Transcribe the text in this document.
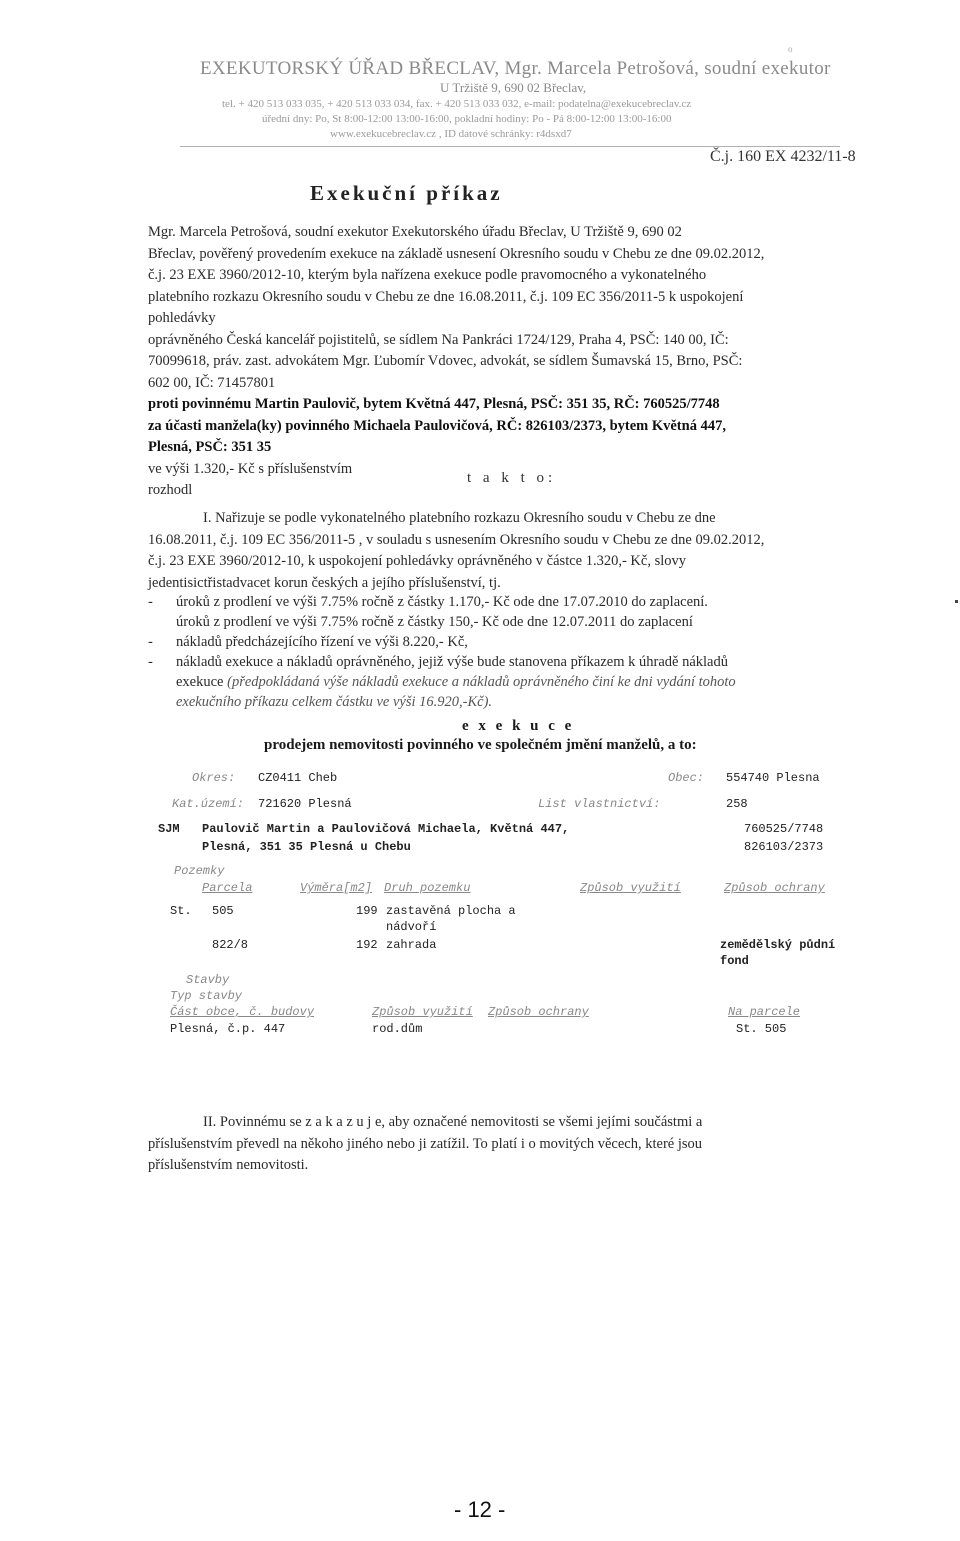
EXEKUTORSKÝ ÚŘAD BŘECLAV, Mgr. Marcela Petrošová, soudní exekutor
U Tržiště 9, 690 02 Břeclav,
tel. + 420 513 033 035, + 420 513 033 034, fax. + 420 513 033 032, e-mail: podatelna@exekucebreclav.cz
úřední dny: Po, St 8:00-12:00 13:00-16:00, pokladní hodiny: Po - Pá 8:00-12:00 13:00-16:00
www.exekucebreclav.cz , ID datové schránky: r4dsxd7
o
Č.j. 160 EX 4232/11-8
Exekuční příkaz

Mgr. Marcela Petrošová, soudní exekutor Exekutorského úřadu Břeclav, U Tržiště 9, 690 02

Břeclav, pověřený provedením exekuce na základě usnesení Okresního soudu v Chebu ze dne 09.02.2012,

č.j. 23 EXE 3960/2012-10, kterým byla nařízena exekuce podle pravomocného a vykonatelného

platebního rozkazu Okresního soudu v Chebu ze dne 16.08.2011, č.j. 109 EC 356/2011-5 k uspokojení

pohledávky

oprávněného Česká kancelář pojistitelů, se sídlem Na Pankráci 1724/129, Praha 4, PSČ: 140 00, IČ:

70099618, práv. zast. advokátem Mgr. Ľubomír Vdovec, advokát, se sídlem Šumavská 15, Brno, PSČ:

602 00, IČ: 71457801

proti povinnému Martin Paulovič, bytem Květná 447, Plesná, PSČ: 351 35, RČ: 760525/7748

za účasti manžela(ky) povinného Michaela Paulovičová, RČ: 826103/2373, bytem Květná 447,

Plesná, PSČ: 351 35

ve výši 1.320,- Kč s příslušenstvím

rozhodl

t a k t o:

I. Nařizuje se podle vykonatelného platebního rozkazu Okresního soudu v Chebu ze dne

16.08.2011, č.j. 109 EC 356/2011-5 , v souladu s usnesením Okresního soudu v Chebu ze dne 09.02.2012,

č.j. 23 EXE 3960/2012-10, k uspokojení pohledávky oprávněného v částce 1.320,- Kč, slovy

jedentisictřistadvacet korun českých a jejího příslušenství, tj.

- úroků z prodlení ve výši 7.75% ročně z částky 1.170,- Kč ode dne 17.07.2010 do zaplacení.
úroků z prodlení ve výši 7.75% ročně z částky 150,- Kč ode dne 12.07.2011 do zaplacení
- nákladů předcházejícího řízení ve výši 8.220,- Kč,
- nákladů exekuce a nákladů oprávněného, jejiž výše bude stanovena příkazem k úhradě nákladů
exekuce (předpokládaná výše nákladů exekuce a nákladů oprávněného činí ke dni vydání tohoto
exekučního příkazu celkem částku ve výši 16.920,-Kč).
e x e k u c e
prodejem nemovitosti povinného ve společném jmění manželů, a to:
Okres: CZ0411 Cheb	Obec: 554740 Plesna
Kat.území: 721620 Plesná	List vlastnictví:	258
SJM Paulovič Martin a Paulovičová Michaela, Květná 447,
Plesná, 351 35 Plesná u Chebu
760525/7748
826103/2373
Pozemky
Parcela	Výměra[m2] Druh pozemku	Způsob využití	Způsob ochrany
St. 505	199 zastavěná plocha a
nádvoří
822/8	192 zahrada	zemědělský půdní
fond
Stavby
Typ stavby
Část obce, č. budovy	Způsob využití Způsob ochrany	Na parcele
Plesná, č.p. 447	rod.dům	St. 505

II. Povinnému se z a k a z u j e, aby označené nemovitosti se všemi jejími součástmi a

příslušenstvím převedl na někoho jiného nebo ji zatížil. To platí i o movitých věcech, které jsou

příslušenstvím nemovitosti.

- 12 -
